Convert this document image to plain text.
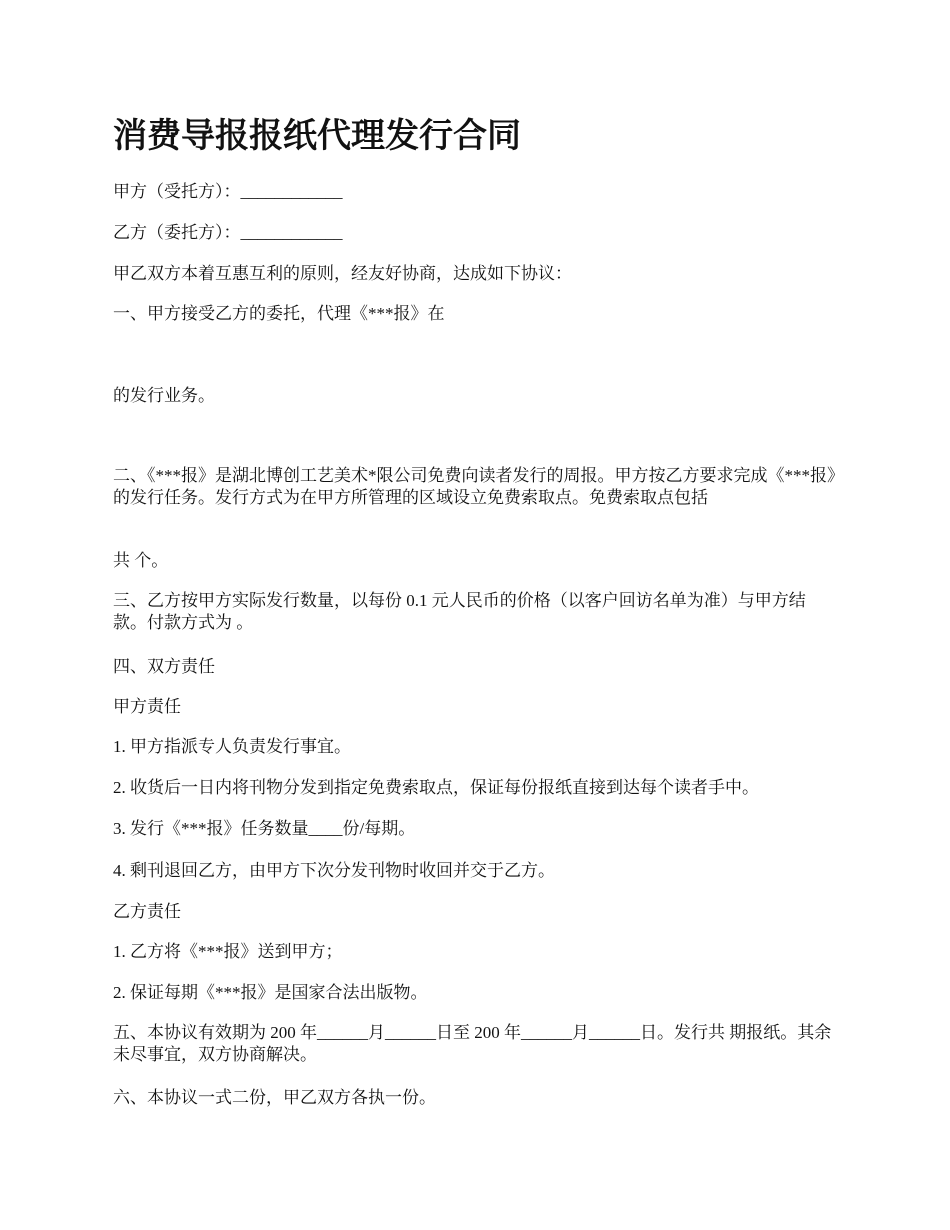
消费导报报纸代理发行合同

甲方（受托方）：____________

乙方（委托方）：____________

甲乙双方本着互惠互利的原则，经友好协商，达成如下协议：

一、甲方接受乙方的委托，代理《***报》在

的发行业务。

二、《***报》是湖北博创工艺美术*限公司免费向读者发行的周报。甲方按乙方要求完成《***报》的发行任务。发行方式为在甲方所管理的区域设立免费索取点。免费索取点包括

共 个。

三、乙方按甲方实际发行数量，以每份 0.1 元人民币的价格（以客户回访名单为准）与甲方结款。付款方式为 。

四、双方责任

甲方责任

1. 甲方指派专人负责发行事宜。

2. 收货后一日内将刊物分发到指定免费索取点，保证每份报纸直接到达每个读者手中。

3. 发行《***报》任务数量____份/每期。

4. 剩刊退回乙方，由甲方下次分发刊物时收回并交于乙方。

乙方责任

1. 乙方将《***报》送到甲方；

2. 保证每期《***报》是国家合法出版物。

五、本协议有效期为 200 年______月______日至 200 年______月______日。发行共 期报纸。其余未尽事宜，双方协商解决。

六、本协议一式二份，甲乙双方各执一份。
